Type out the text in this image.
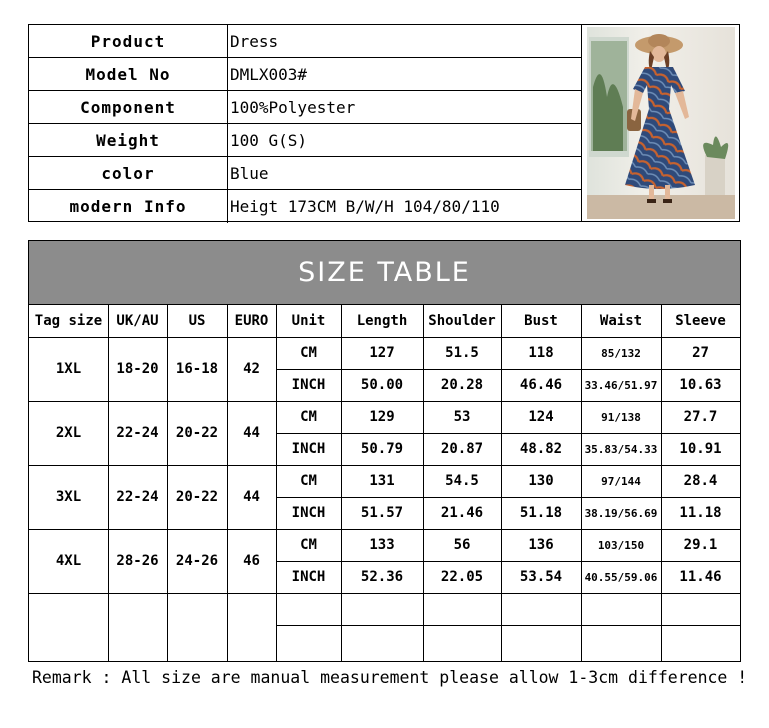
Product	Dress
Model No	DMLX003#
Component	100%Polyester
Weight	100 G(S)
color	Blue
modern Info	Heigt 173CM B/W/H 104/80/110
SIZE TABLE
Tag size	UK/AU	US	EURO	Unit	Length	Shoulder	Bust	Waist	Sleeve
1XL	18-20	16-18	42
CM	127	51.5	118	85/132	27
INCH	50.00	20.28	46.46	33.46/51.97	10.63
2XL	22-24	20-22	44
CM	129	53	124	91/138	27.7
INCH	50.79	20.87	48.82	35.83/54.33	10.91
3XL	22-24	20-22	44
CM	131	54.5	130	97/144	28.4
INCH	51.57	21.46	51.18	38.19/56.69	11.18
4XL	28-26	24-26	46
CM	133	56	136	103/150	29.1
INCH	52.36	22.05	53.54	40.55/59.06	11.46
Remark : All size are manual measurement please allow 1-3cm difference !
